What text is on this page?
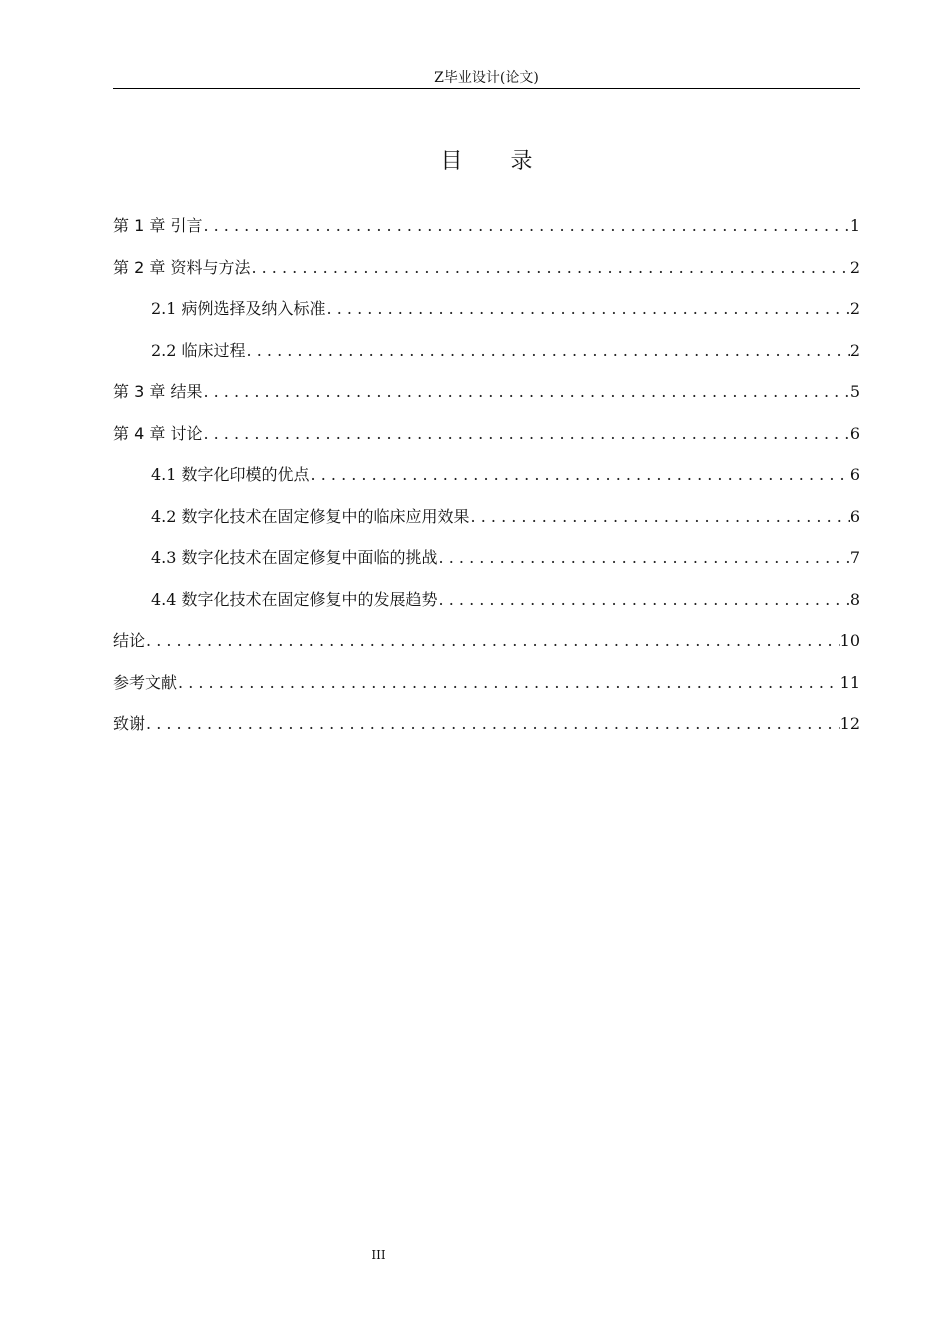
Z毕业设计(论文)
目 录
第 1 章 引言 . . .	1
第 2 章 资料与方法 . . .	2
2.1 病例选择及纳入标准 . . .	2
2.2 临床过程 . . .	2
第 3 章 结果 . . .	5
第 4 章 讨论 . . .	6
4.1 数字化印模的优点 . . .	6
4.2 数字化技术在固定修复中的临床应用效果 . . .	6
4.3 数字化技术在固定修复中面临的挑战 . . .	7
4.4 数字化技术在固定修复中的发展趋势 . . .	8
结论 . . .	10
参考文献 . . .	11
致谢 . . .	12
III
